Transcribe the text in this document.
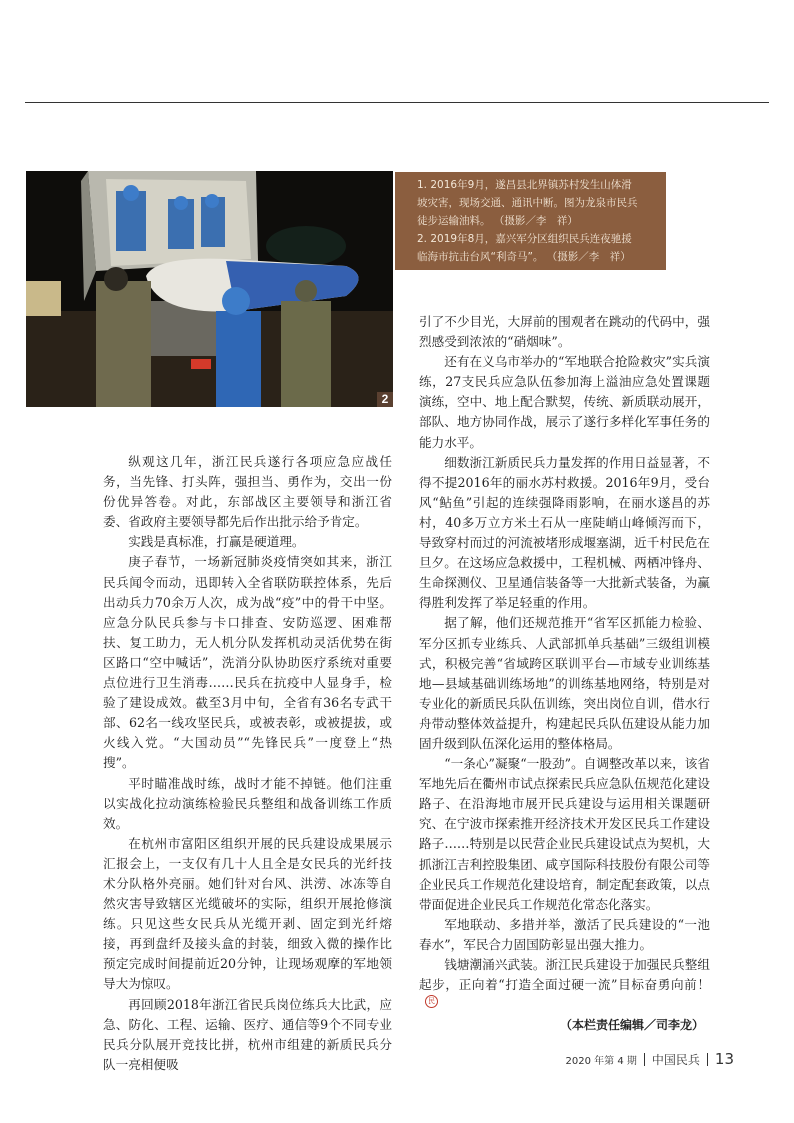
2
1. 2016年9月，遂昌县北界镇苏村发生山体滑
坡灾害，现场交通、通讯中断。图为龙泉市民兵
徒步运输油料。 （摄影／李　祥）
2. 2019年8月，嘉兴军分区组织民兵连夜驰援
临海市抗击台风“利奇马”。 （摄影／李　祥）

纵观这几年，浙江民兵遂行各项应急应战任务，当先锋、打头阵，强担当、勇作为，交出一份份优异答卷。对此，东部战区主要领导和浙江省委、省政府主要领导都先后作出批示给予肯定。

实践是真标准，打赢是硬道理。

庚子春节，一场新冠肺炎疫情突如其来，浙江民兵闻令而动，迅即转入全省联防联控体系，先后出动兵力70余万人次，成为战“疫”中的骨干中坚。应急分队民兵参与卡口排查、安防巡逻、困难帮扶、复工助力，无人机分队发挥机动灵活优势在街区路口“空中喊话”，洗消分队协助医疗系统对重要点位进行卫生消毒……民兵在抗疫中人显身手，检验了建设成效。截至3月中旬，全省有36名专武干部、62名一线攻坚民兵，或被表彰，或被提拔，或火线入党。“大国动员”“先锋民兵”一度登上“热搜”。

平时瞄准战时练，战时才能不掉链。他们注重以实战化拉动演练检验民兵整组和战备训练工作质效。

在杭州市富阳区组织开展的民兵建设成果展示汇报会上，一支仅有几十人且全是女民兵的光纤技术分队格外亮丽。她们针对台风、洪涝、冰冻等自然灾害导致辖区光缆破坏的实际，组织开展抢修演练。只见这些女民兵从光缆开剥、固定到光纤熔接，再到盘纤及接头盒的封装，细致入微的操作比预定完成时间提前近20分钟，让现场观摩的军地领导大为惊叹。

再回顾2018年浙江省民兵岗位练兵大比武，应急、防化、工程、运输、医疗、通信等9个不同专业民兵分队展开竞技比拼，杭州市组建的新质民兵分队一亮相便吸

引了不少目光，大屏前的围观者在跳动的代码中，强烈感受到浓浓的“硝烟味”。

还有在义乌市举办的“军地联合抢险救灾”实兵演练，27支民兵应急队伍参加海上溢油应急处置课题演练，空中、地上配合默契，传统、新质联动展开，部队、地方协同作战，展示了遂行多样化军事任务的能力水平。

细数浙江新质民兵力量发挥的作用日益显著，不得不提2016年的丽水苏村救援。2016年9月，受台风“鲇鱼”引起的连续强降雨影响，在丽水遂昌的苏村，40多万立方米土石从一座陡峭山峰倾泻而下，导致穿村而过的河流被堵形成堰塞湖，近千村民危在旦夕。在这场应急救援中，工程机械、两栖冲锋舟、生命探测仪、卫星通信装备等一大批新式装备，为赢得胜利发挥了举足轻重的作用。

据了解，他们还规范推开“省军区抓能力检验、军分区抓专业练兵、人武部抓单兵基础”三级组训模式，积极完善“省域跨区联训平台—市域专业训练基地—县域基础训练场地”的训练基地网络，特别是对专业化的新质民兵队伍训练，突出岗位自训，借水行舟带动整体效益提升，构建起民兵队伍建设从能力加固升级到队伍深化运用的整体格局。

“一条心”凝聚“一股劲”。自调整改革以来，该省军地先后在衢州市试点探索民兵应急队伍规范化建设路子、在沿海地市展开民兵建设与运用相关课题研究、在宁波市探索推开经济技术开发区民兵工作建设路子……特别是以民营企业民兵建设试点为契机，大抓浙江吉利控股集团、咸亨国际科技股份有限公司等企业民兵工作规范化建设培育，制定配套政策，以点带面促进企业民兵工作规范化常态化落实。

军地联动、多措并举，激活了民兵建设的“一池春水”，军民合力固国防彰显出强大推力。

钱塘潮涌兴武装。浙江民兵建设于加强民兵整组起步，正向着“打造全面过硬一流”目标奋勇向前！民

（本栏责任编辑／司李龙）
2020 年第 4 期 中国民兵 13
